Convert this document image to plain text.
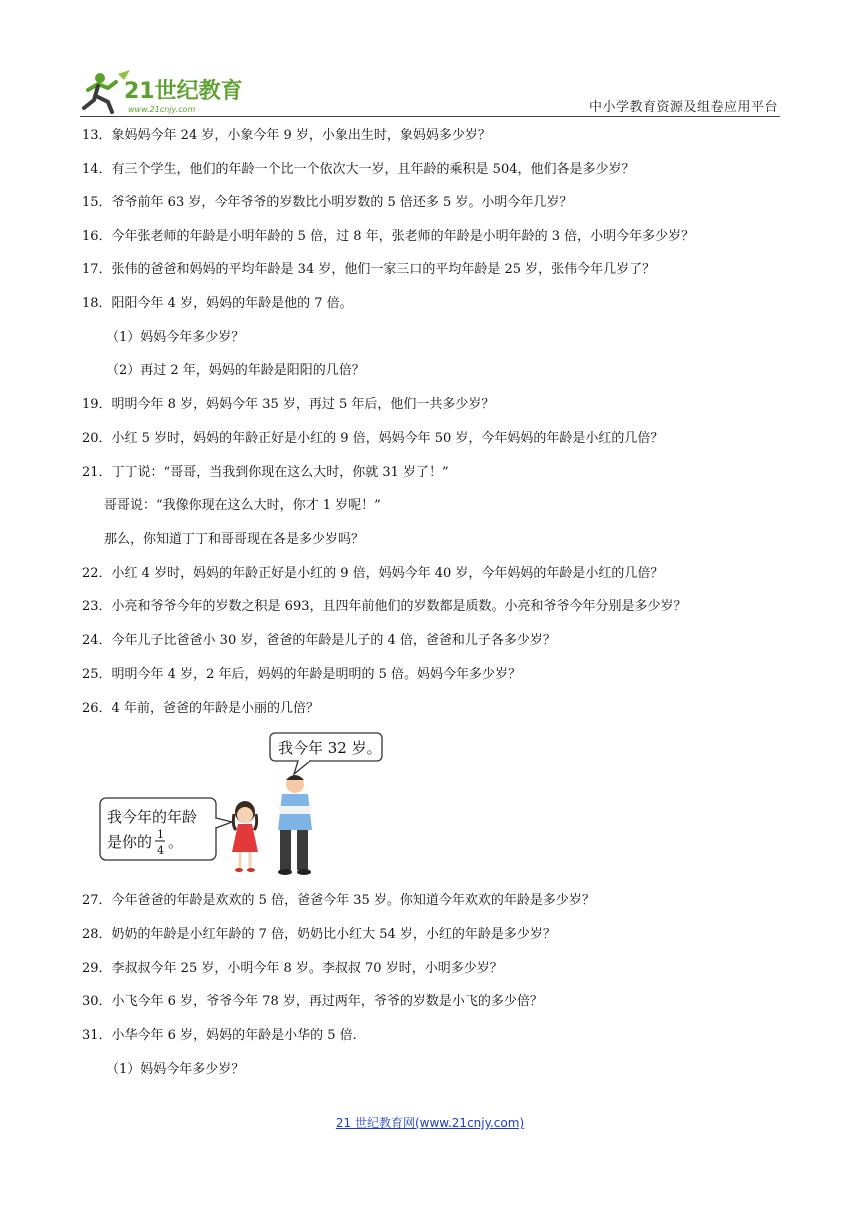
21世纪教育
www.21cnjy.com	中小学教育资源及组卷应用平台
13．象妈妈今年 24 岁，小象今年 9 岁，小象出生时，象妈妈多少岁？
14．有三个学生，他们的年龄一个比一个依次大一岁，且年龄的乘积是 504，他们各是多少岁？
15．爷爷前年 63 岁，今年爷爷的岁数比小明岁数的 5 倍还多 5 岁。小明今年几岁？
16．今年张老师的年龄是小明年龄的 5 倍，过 8 年，张老师的年龄是小明年龄的 3 倍，小明今年多少岁？
17．张伟的爸爸和妈妈的平均年龄是 34 岁，他们一家三口的平均年龄是 25 岁，张伟今年几岁了？
18．阳阳今年 4 岁，妈妈的年龄是他的 7 倍。
（1）妈妈今年多少岁？
（2）再过 2 年，妈妈的年龄是阳阳的几倍？
19．明明今年 8 岁，妈妈今年 35 岁，再过 5 年后，他们一共多少岁？
20．小红 5 岁时，妈妈的年龄正好是小红的 9 倍，妈妈今年 50 岁，今年妈妈的年龄是小红的几倍？
21．丁丁说：“哥哥，当我到你现在这么大时，你就 31 岁了！”
哥哥说：“我像你现在这么大时，你才 1 岁呢！”
那么，你知道丁丁和哥哥现在各是多少岁吗？
22．小红 4 岁时，妈妈的年龄正好是小红的 9 倍，妈妈今年 40 岁，今年妈妈的年龄是小红的几倍？
23．小亮和爷爷今年的岁数之积是 693，且四年前他们的岁数都是质数。小亮和爷爷今年分别是多少岁？
24．今年儿子比爸爸小 30 岁，爸爸的年龄是儿子的 4 倍，爸爸和儿子各多少岁？
25．明明今年 4 岁，2 年后，妈妈的年龄是明明的 5 倍。妈妈今年多少岁？
26．4 年前，爸爸的年龄是小丽的几倍？
我今年 32 岁。
我今年的年龄
是你的 1
4 。
27．今年爸爸的年龄是欢欢的 5 倍，爸爸今年 35 岁。你知道今年欢欢的年龄是多少岁？
28．奶奶的年龄是小红年龄的 7 倍，奶奶比小红大 54 岁，小红的年龄是多少岁？
29．李叔叔今年 25 岁，小明今年 8 岁。李叔叔 70 岁时，小明多少岁？
30．小飞今年 6 岁，爷爷今年 78 岁，再过两年，爷爷的岁数是小飞的多少倍？
31．小华今年 6 岁，妈妈的年龄是小华的 5 倍.
（1）妈妈今年多少岁？
21 世纪教育网(www.21cnjy.com)
